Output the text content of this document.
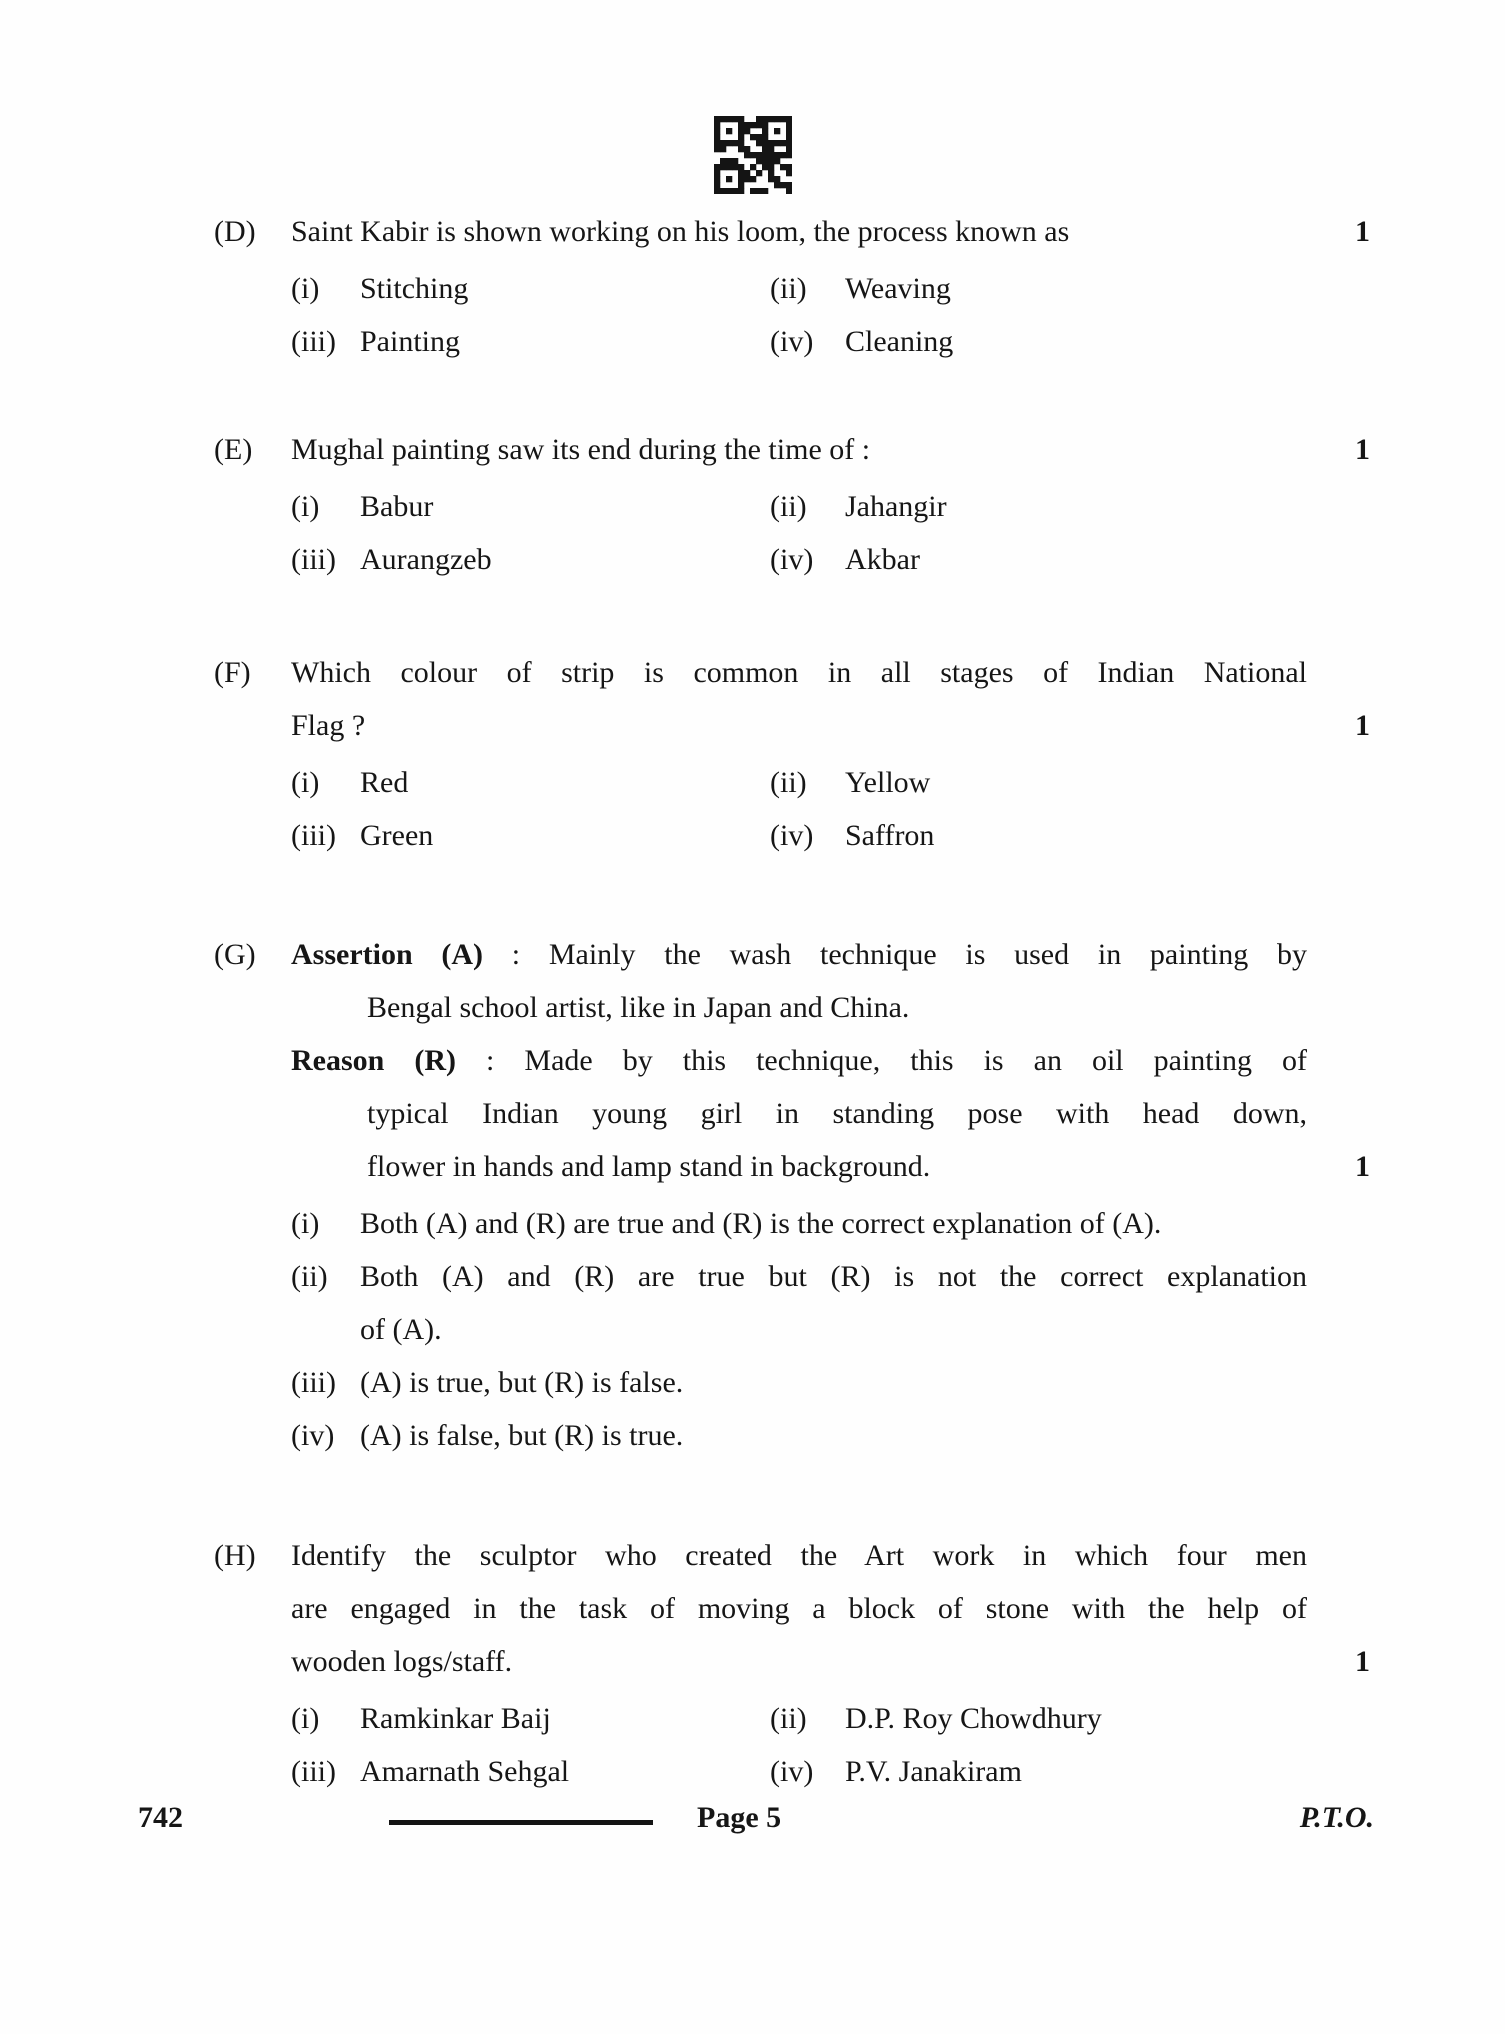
(D) Saint Kabir is shown working on his loom, the process known as	1
(i) Stitching	(ii) Weaving
(iii) Painting	(iv) Cleaning
(E) Mughal painting saw its end during the time of :	1
(i) Babur	(ii) Jahangir
(iii) Aurangzeb	(iv) Akbar
(F) Which colour of strip is common in all stages of Indian National
Flag ?	1
(i) Red	(ii) Yellow
(iii) Green	(iv) Saffron
(G) Assertion (A) : Mainly the wash technique is used in painting by
Bengal school artist, like in Japan and China.
Reason (R) : Made by this technique, this is an oil painting of
typical Indian young girl in standing pose with head down,
flower in hands and lamp stand in background.	1
(i) Both (A) and (R) are true and (R) is the correct explanation of (A).
(ii) Both (A) and (R) are true but (R) is not the correct explanation
of (A).
(iii) (A) is true, but (R) is false.
(iv) (A) is false, but (R) is true.
(H) Identify the sculptor who created the Art work in which four men
are engaged in the task of moving a block of stone with the help of
wooden logs/staff.	1
(i) Ramkinkar Baij	(ii) D.P. Roy Chowdhury
(iii) Amarnath Sehgal	(iv) P.V. Janakiram
742	Page 5	P.T.O.
